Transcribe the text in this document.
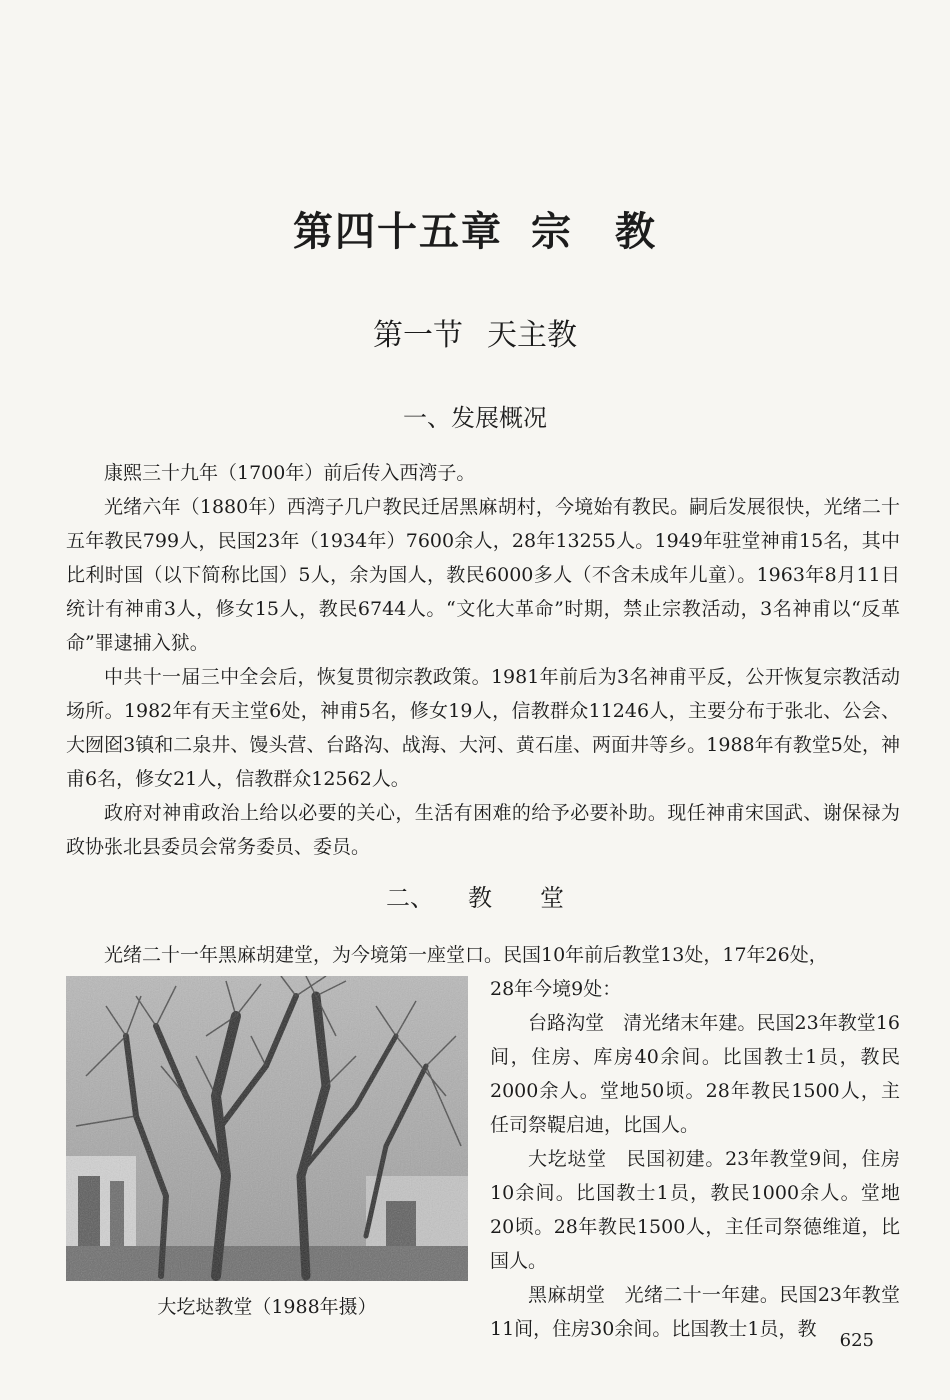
第四十五章 宗　教
第一节 天主教
一、发展概况

康熙三十九年（1700年）前后传入西湾子。

光绪六年（1880年）西湾子几户教民迁居黑麻胡村，今境始有教民。嗣后发展很快，光绪二十五年教民799人，民国23年（1934年）7600余人，28年13255人。1949年驻堂神甫15名，其中比利时国（以下简称比国）5人，余为国人，教民6000多人（不含未成年儿童）。1963年8月11日统计有神甫3人，修女15人，教民6744人。“文化大革命”时期，禁止宗教活动，3名神甫以“反革命”罪逮捕入狱。

中共十一届三中全会后，恢复贯彻宗教政策。1981年前后为3名神甫平反，公开恢复宗教活动场所。1982年有天主堂6处，神甫5名，修女19人，信教群众11246人，主要分布于张北、公会、大囫囵3镇和二泉井、馒头营、台路沟、战海、大河、黄石崖、两面井等乡。1988年有教堂5处，神甫6名，修女21人，信教群众12562人。

政府对神甫政治上给以必要的关心，生活有困难的给予必要补助。现任神甫宋国武、谢保禄为政协张北县委员会常务委员、委员。

二、 教　　堂

光绪二十一年黑麻胡建堂，为今境第一座堂口。民国10年前后教堂13处，17年26处，

大圪垯教堂（1988年摄）

28年今境9处：

台路沟堂　清光绪末年建。民国23年教堂16间，住房、库房40余间。比国教士1员，教民2000余人。堂地50顷。28年教民1500人，主任司祭鞮启迪，比国人。

大圪垯堂　民国初建。23年教堂9间，住房10余间。比国教士1员，教民1000余人。堂地20顷。28年教民1500人，主任司祭德维道，比国人。

黑麻胡堂　光绪二十一年建。民国23年教堂11间，住房30余间。比国教士1员，教

625
